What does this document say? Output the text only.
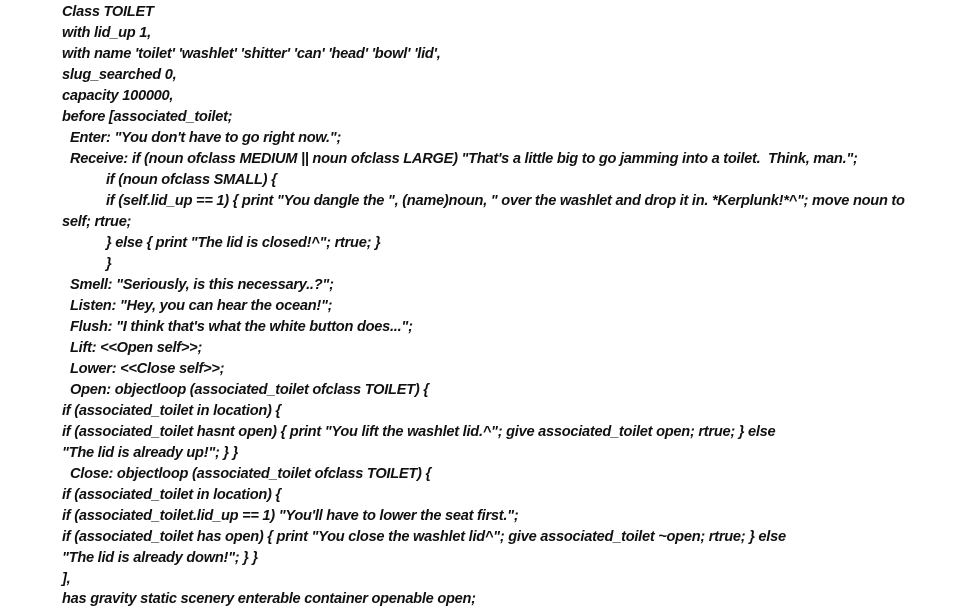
Class TOILET
with lid_up 1,
with name 'toilet' 'washlet' 'shitter' 'can' 'head' 'bowl' 'lid',
slug_searched 0,
capacity 100000,
before [associated_toilet;
Enter: "You don't have to go right now.";
Receive: if (noun ofclass MEDIUM || noun ofclass LARGE) "That's a little big to go jamming into a toilet.  Think, man.";
if (noun ofclass SMALL) {
if (self.lid_up == 1) { print "You dangle the ", (name)noun, " over the washlet and drop it in. *Kerplunk!*^"; move noun to
self; rtrue;
} else { print "The lid is closed!^"; rtrue; }
}
Smell: "Seriously, is this necessary..?";
Listen: "Hey, you can hear the ocean!";
Flush: "I think that's what the white button does...";
Lift: <<Open self>>;
Lower: <<Close self>>;
Open: objectloop (associated_toilet ofclass TOILET) {
if (associated_toilet in location) {
if (associated_toilet hasnt open) { print "You lift the washlet lid.^"; give associated_toilet open; rtrue; } else
"The lid is already up!"; } }
Close: objectloop (associated_toilet ofclass TOILET) {
if (associated_toilet in location) {
if (associated_toilet.lid_up == 1) "You'll have to lower the seat first.";
if (associated_toilet has open) { print "You close the washlet lid^"; give associated_toilet ~open; rtrue; } else
"The lid is already down!"; } }
],
has gravity static scenery enterable container openable open;
